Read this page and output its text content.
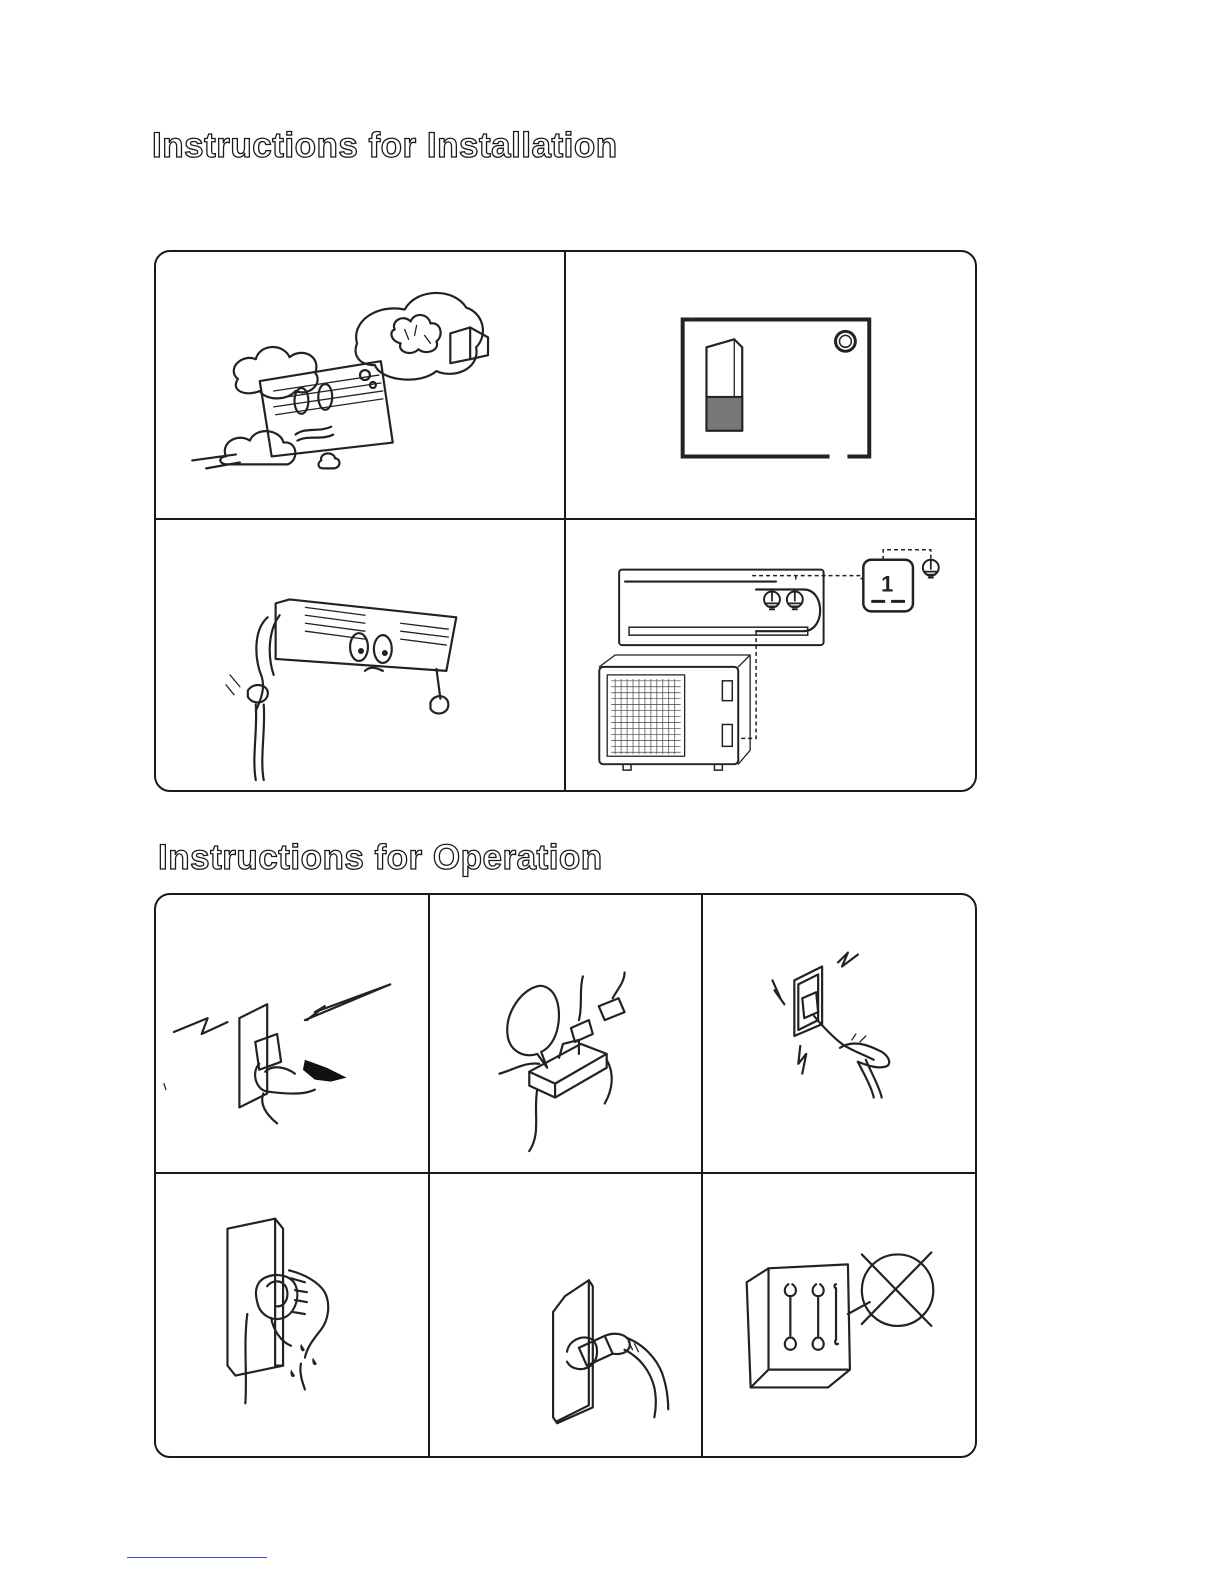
Instructions for Installation
1
Instructions for Operation
